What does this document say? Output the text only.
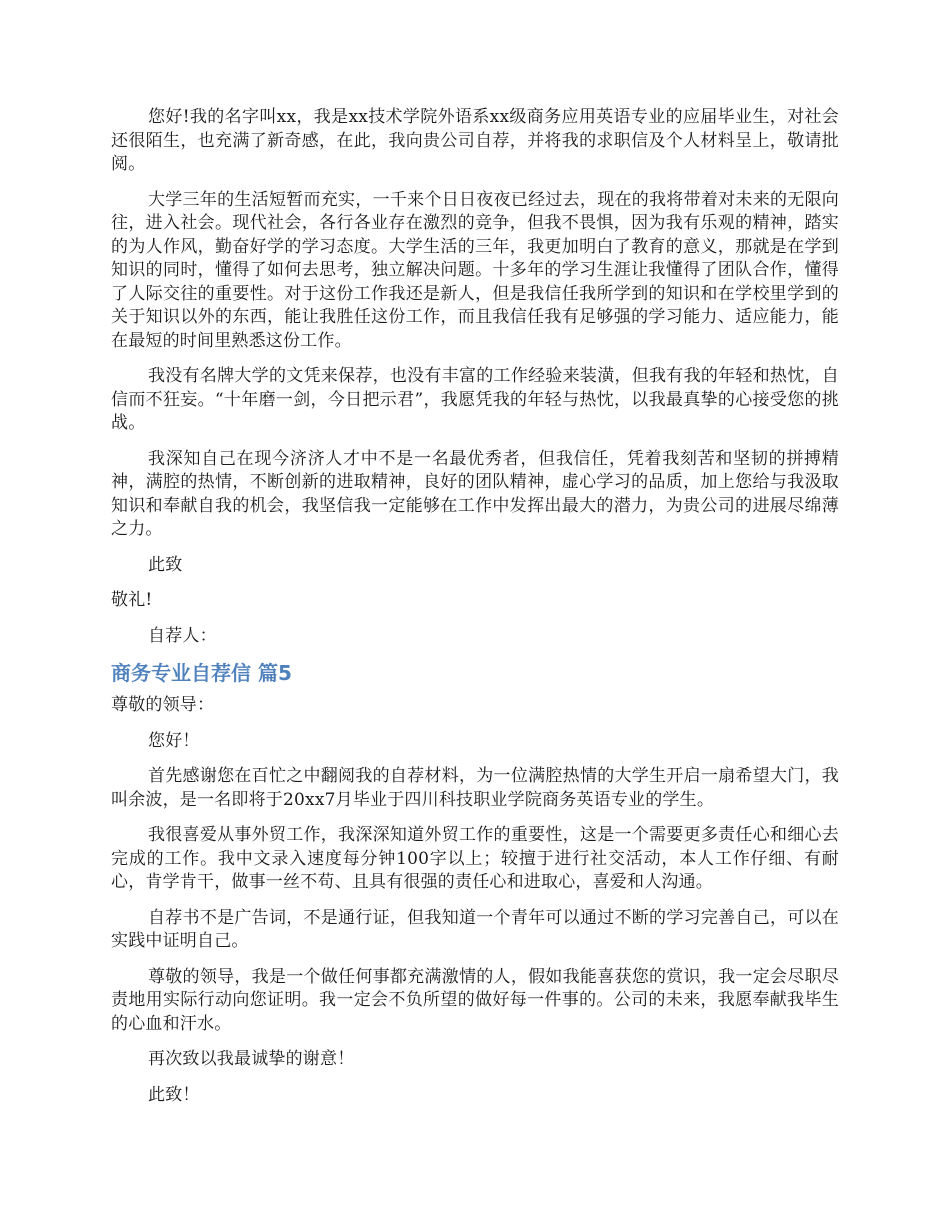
您好!我的名字叫xx，我是xx技术学院外语系xx级商务应用英语专业的应届毕业生，对社会还很陌生，也充满了新奇感，在此，我向贵公司自荐，并将我的求职信及个人材料呈上，敬请批阅。

大学三年的生活短暂而充实，一千来个日日夜夜已经过去，现在的我将带着对未来的无限向往，进入社会。现代社会，各行各业存在激烈的竞争，但我不畏惧，因为我有乐观的精神，踏实的为人作风，勤奋好学的学习态度。大学生活的三年，我更加明白了教育的意义，那就是在学到知识的同时，懂得了如何去思考，独立解决问题。十多年的学习生涯让我懂得了团队合作，懂得了人际交往的重要性。对于这份工作我还是新人，但是我信任我所学到的知识和在学校里学到的关于知识以外的东西，能让我胜任这份工作，而且我信任我有足够强的学习能力、适应能力，能在最短的时间里熟悉这份工作。

我没有名牌大学的文凭来保荐，也没有丰富的工作经验来装潢，但我有我的年轻和热忱，自信而不狂妄。“十年磨一剑，今日把示君”，我愿凭我的年轻与热忱，以我最真挚的心接受您的挑战。

我深知自己在现今济济人才中不是一名最优秀者，但我信任，凭着我刻苦和坚韧的拼搏精神，满腔的热情，不断创新的进取精神，良好的团队精神，虚心学习的品质，加上您给与我汲取知识和奉献自我的机会，我坚信我一定能够在工作中发挥出最大的潜力，为贵公司的进展尽绵薄之力。

此致

敬礼!

自荐人：

商务专业自荐信 篇5

尊敬的领导：

您好！

首先感谢您在百忙之中翻阅我的自荐材料，为一位满腔热情的大学生开启一扇希望大门，我叫余波，是一名即将于20xx7月毕业于四川科技职业学院商务英语专业的学生。

我很喜爱从事外贸工作，我深深知道外贸工作的重要性，这是一个需要更多责任心和细心去完成的工作。我中文录入速度每分钟100字以上；较擅于进行社交活动，本人工作仔细、有耐心，肯学肯干，做事一丝不苟、且具有很强的责任心和进取心，喜爱和人沟通。

自荐书不是广告词，不是通行证，但我知道一个青年可以通过不断的学习完善自己，可以在实践中证明自己。

尊敬的领导，我是一个做任何事都充满激情的人，假如我能喜获您的赏识，我一定会尽职尽责地用实际行动向您证明。我一定会不负所望的做好每一件事的。公司的未来，我愿奉献我毕生的心血和汗水。

再次致以我最诚挚的谢意！

此致！
